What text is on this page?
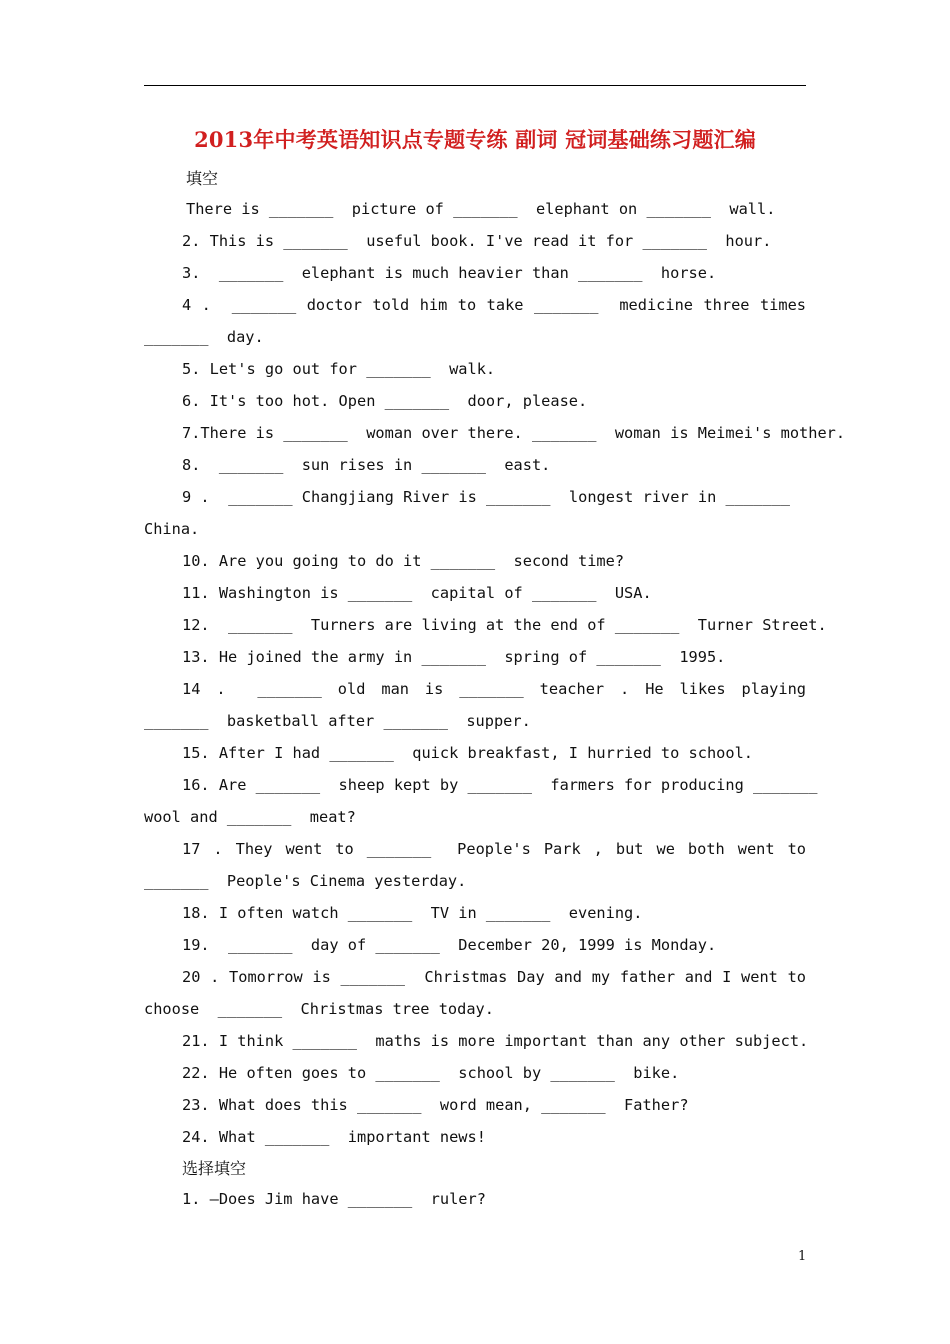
2013年中考英语知识点专题专练 副词 冠词基础练习题汇编
填空
There is _______  picture of _______  elephant on _______  wall.
2. This is _______  useful book. I've read it for _______  hour.
3.  _______  elephant is much heavier than _______  horse.
4 .  _______ doctor told him to take _______  medicine three times
_______  day.
5. Let's go out for _______  walk.
6. It's too hot. Open _______  door, please.
7.There is _______  woman over there. _______  woman is Meimei's mother.
8.  _______  sun rises in _______  east.
9 .  _______ Changjiang River is _______  longest river in _______
China.
10. Are you going to do it _______  second time?
11. Washington is _______  capital of _______  USA.
12.  _______  Turners are living at the end of _______  Turner Street.
13. He joined the army in _______  spring of _______  1995.
14 .  _______ old man is _______ teacher . He likes playing
_______  basketball after _______  supper.
15. After I had _______  quick breakfast, I hurried to school.
16. Are _______  sheep kept by _______  farmers for producing _______
wool and _______  meat?
17 . They went to _______  People's Park , but we both went to
_______  People's Cinema yesterday.
18. I often watch _______  TV in _______  evening.
19.  _______  day of _______  December 20, 1999 is Monday.
20 . Tomorrow is _______  Christmas Day and my father and I went to
choose  _______  Christmas tree today.
21. I think _______  maths is more important than any other subject.
22. He often goes to _______  school by _______  bike.
23. What does this _______  word mean, _______  Father?
24. What _______  important news!
选择填空
1. —Does Jim have _______  ruler?
1
